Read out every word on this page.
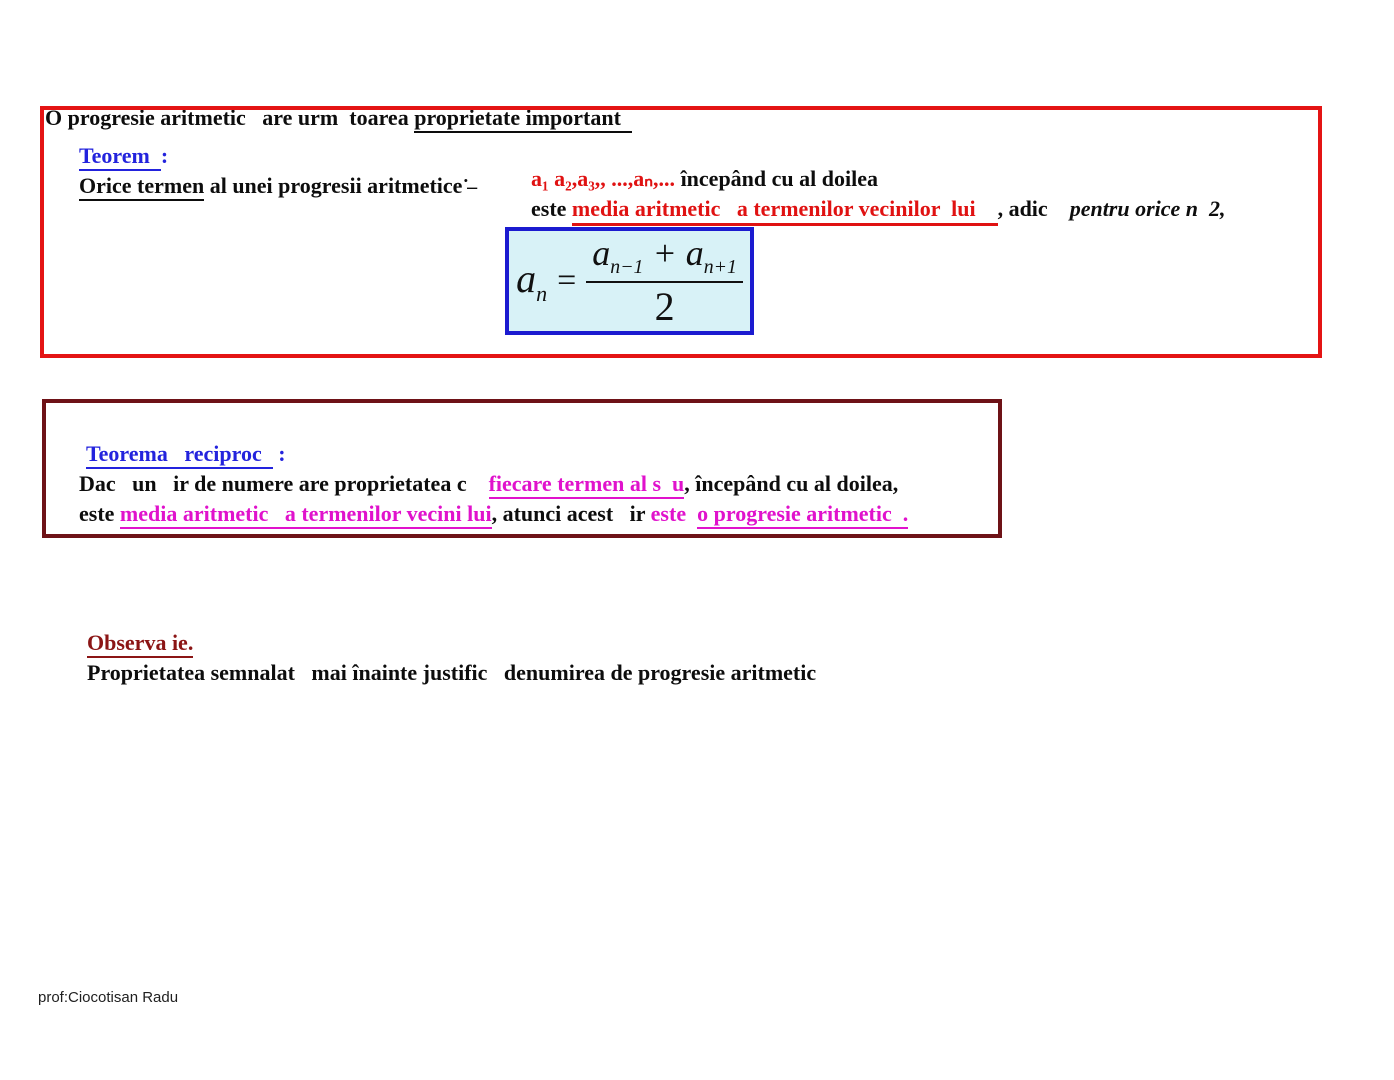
O progresie aritmetic   are urm  toarea proprietate important

Teorem  :

Orice termen al unei progresii aritmetice˙–
	a₁ a₂,a₃,, ...,aₙ,... începând cu al doilea

este media aritmetic   a termenilor vecinilor  lui    , adic    pentru orice n  2,

$a_n = \frac{a_{n-1} + a_{n+1}}{2}$

Teorema   reciproc   :

Dac   un   ir de numere are proprietatea c    fiecare termen al s  u, începând cu al doilea,

este media aritmetic   a termenilor vecini lui, atunci acest   ir este  o progresie aritmetic  .

Observa ie.

Proprietatea semnalat   mai înainte justific   denumirea de progresie aritmetic

prof:Ciocotisan Radu
